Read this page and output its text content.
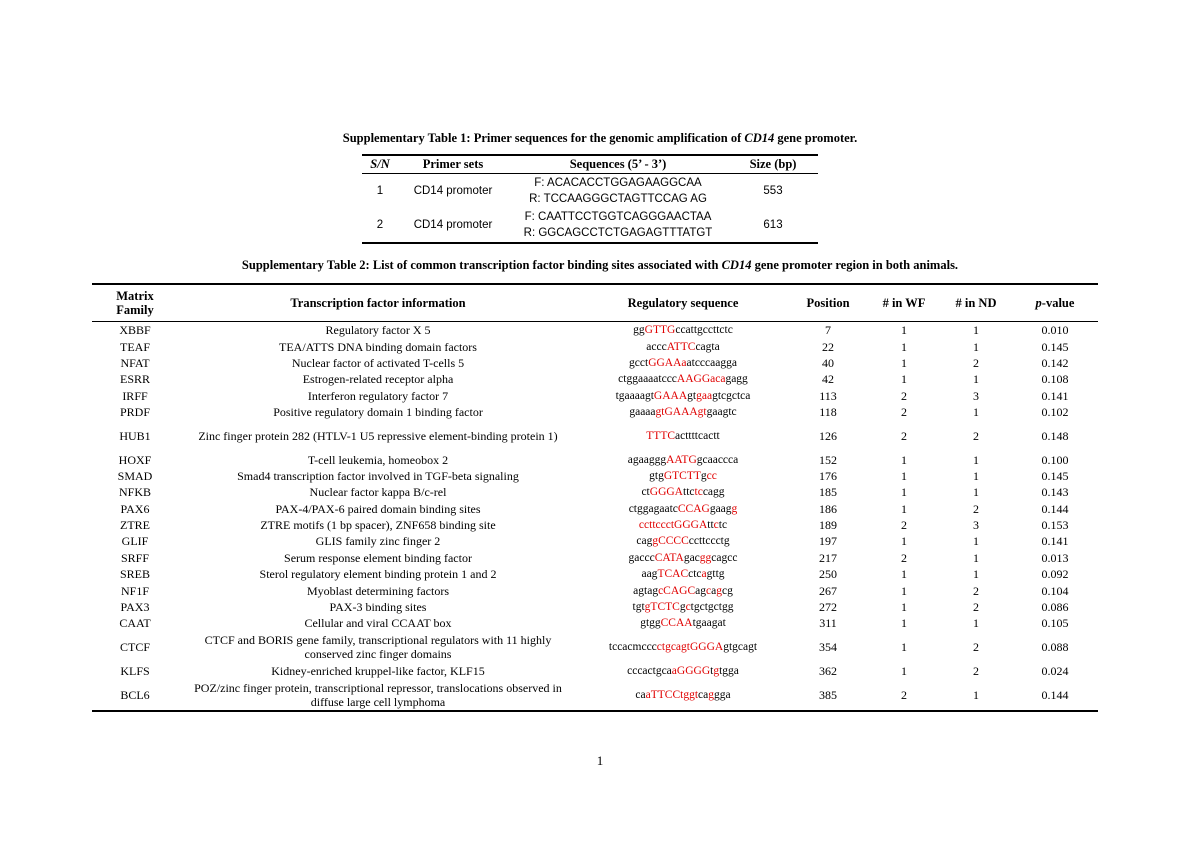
Supplementary Table 1: Primer sequences for the genomic amplification of CD14 gene promoter.
S/N	Primer sets	Sequences (5’ - 3’)	Size (bp)
1	CD14 promoter	F: ACACACCTGGAGAAGGCAA
R: TCCAAGGGCTAGTTCCAG AG	553
2	CD14 promoter	F: CAATTCCTGGTCAGGGAACTAA
R: GGCAGCCTCTGAGAGTTTATGT	613
Supplementary Table 2: List of common transcription factor binding sites associated with CD14 gene promoter region in both animals.
Matrix
Family	Transcription factor information	Regulatory sequence	Position	# in WF	# in ND	p-value
XBBF	Regulatory factor X 5	ggGTTGccattgccttctc	7	1	1	0.010
TEAF	TEA/ATTS DNA binding domain factors	acccATTCcagta	22	1	1	0.145
NFAT	Nuclear factor of activated T-cells 5	gcctGGAAaatcccaagga	40	1	2	0.142
ESRR	Estrogen-related receptor alpha	ctggaaaatcccAAGGacagagg	42	1	1	0.108
IRFF	Interferon regulatory factor 7	tgaaaagtGAAAgtgaagtcgctca	113	2	3	0.141
PRDF	Positive regulatory domain 1 binding factor	gaaaagtGAAAgtgaagtc	118	2	1	0.102
HUB1	Zinc finger protein 282 (HTLV-1 U5 repressive element-binding protein 1)	TTTCacttttcactt	126	2	2	0.148
HOXF	T-cell leukemia, homeobox 2	agaagggAATGgcaaccca	152	1	1	0.100
SMAD	Smad4 transcription factor involved in TGF-beta signaling	gtgGTCTTgcc	176	1	1	0.145
NFKB	Nuclear factor kappa B/c-rel	ctGGGAttctccagg	185	1	1	0.143
PAX6	PAX-4/PAX-6 paired domain binding sites	ctggagaatcCCAGgaagg	186	1	2	0.144
ZTRE	ZTRE motifs (1 bp spacer), ZNF658 binding site	ccttccctGGGAttctc	189	2	3	0.153
GLIF	GLIS family zinc finger 2	caggCCCCccttccctg	197	1	1	0.141
SRFF	Serum response element binding factor	gacccCATAgacggcagcc	217	2	1	0.013
SREB	Sterol regulatory element binding protein 1 and 2	aagTCACctcagttg	250	1	1	0.092
NF1F	Myoblast determining factors	agtagcCAGCagcagcg	267	1	2	0.104
PAX3	PAX-3 binding sites	tgtgTCTCgctgctgctgg	272	1	2	0.086
CAAT	Cellular and viral CCAAT box	gtggCCAAtgaagat	311	1	1	0.105
CTCF	CTCF and BORIS gene family, transcriptional regulators with 11 highly conserved zinc finger domains	tccacmcccctgcagtGGGAgtgcagt	354	1	2	0.088
KLFS	Kidney-enriched kruppel-like factor, KLF15	cccactgcaaGGGGtgtgga	362	1	2	0.024
BCL6	POZ/zinc finger protein, transcriptional repressor, translocations observed in diffuse large cell lymphoma	caaTTCCtggtcaggga	385	2	1	0.144
1
